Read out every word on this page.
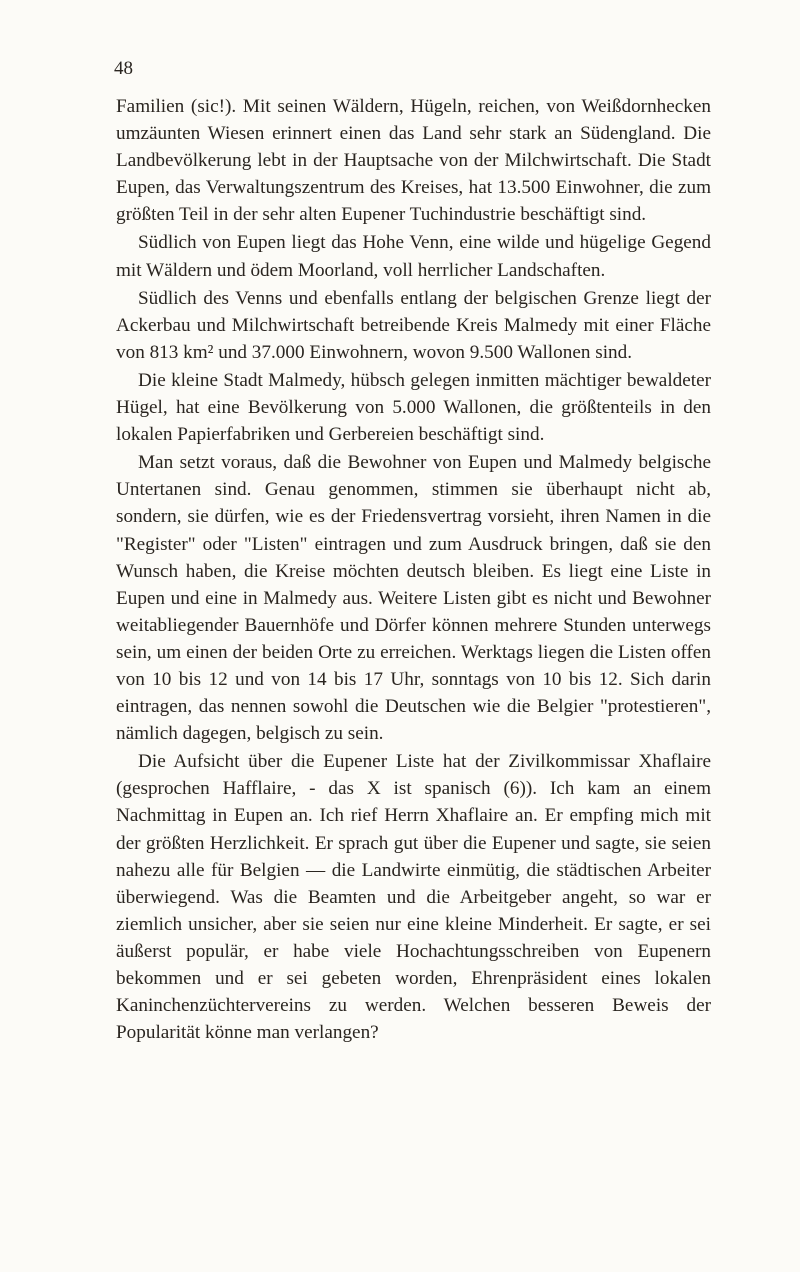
48

Familien (sic!). Mit seinen Wäldern, Hügeln, reichen, von Weißdornhecken umzäunten Wiesen erinnert einen das Land sehr stark an Südengland. Die Landbevölkerung lebt in der Hauptsache von der Milchwirtschaft. Die Stadt Eupen, das Verwaltungszentrum des Kreises, hat 13.500 Einwohner, die zum größten Teil in der sehr alten Eupener Tuchindustrie beschäftigt sind.

Südlich von Eupen liegt das Hohe Venn, eine wilde und hügelige Gegend mit Wäldern und ödem Moorland, voll herrlicher Landschaften.

Südlich des Venns und ebenfalls entlang der belgischen Grenze liegt der Ackerbau und Milchwirtschaft betreibende Kreis Malmedy mit einer Fläche von 813 km² und 37.000 Einwohnern, wovon 9.500 Wallonen sind.

Die kleine Stadt Malmedy, hübsch gelegen inmitten mächtiger bewaldeter Hügel, hat eine Bevölkerung von 5.000 Wallonen, die größtenteils in den lokalen Papierfabriken und Gerbereien beschäftigt sind.

Man setzt voraus, daß die Bewohner von Eupen und Malmedy belgische Untertanen sind. Genau genommen, stimmen sie überhaupt nicht ab, sondern, sie dürfen, wie es der Friedensvertrag vorsieht, ihren Namen in die "Register" oder "Listen" eintragen und zum Ausdruck bringen, daß sie den Wunsch haben, die Kreise möchten deutsch bleiben. Es liegt eine Liste in Eupen und eine in Malmedy aus. Weitere Listen gibt es nicht und Bewohner weitabliegender Bauernhöfe und Dörfer können mehrere Stunden unterwegs sein, um einen der beiden Orte zu erreichen. Werktags liegen die Listen offen von 10 bis 12 und von 14 bis 17 Uhr, sonntags von 10 bis 12. Sich darin eintragen, das nennen sowohl die Deutschen wie die Belgier "protestieren", nämlich dagegen, belgisch zu sein.

Die Aufsicht über die Eupener Liste hat der Zivilkommissar Xhaflaire (gesprochen Hafflaire, - das X ist spanisch (6)). Ich kam an einem Nachmittag in Eupen an. Ich rief Herrn Xhaflaire an. Er empfing mich mit der größten Herzlichkeit. Er sprach gut über die Eupener und sagte, sie seien nahezu alle für Belgien — die Landwirte einmütig, die städtischen Arbeiter überwiegend. Was die Beamten und die Arbeitgeber angeht, so war er ziemlich unsicher, aber sie seien nur eine kleine Minderheit. Er sagte, er sei äußerst populär, er habe viele Hochachtungsschreiben von Eupenern bekommen und er sei gebeten worden, Ehrenpräsident eines lokalen Kaninchenzüchtervereins zu werden. Welchen besseren Beweis der Popularität könne man verlangen?
